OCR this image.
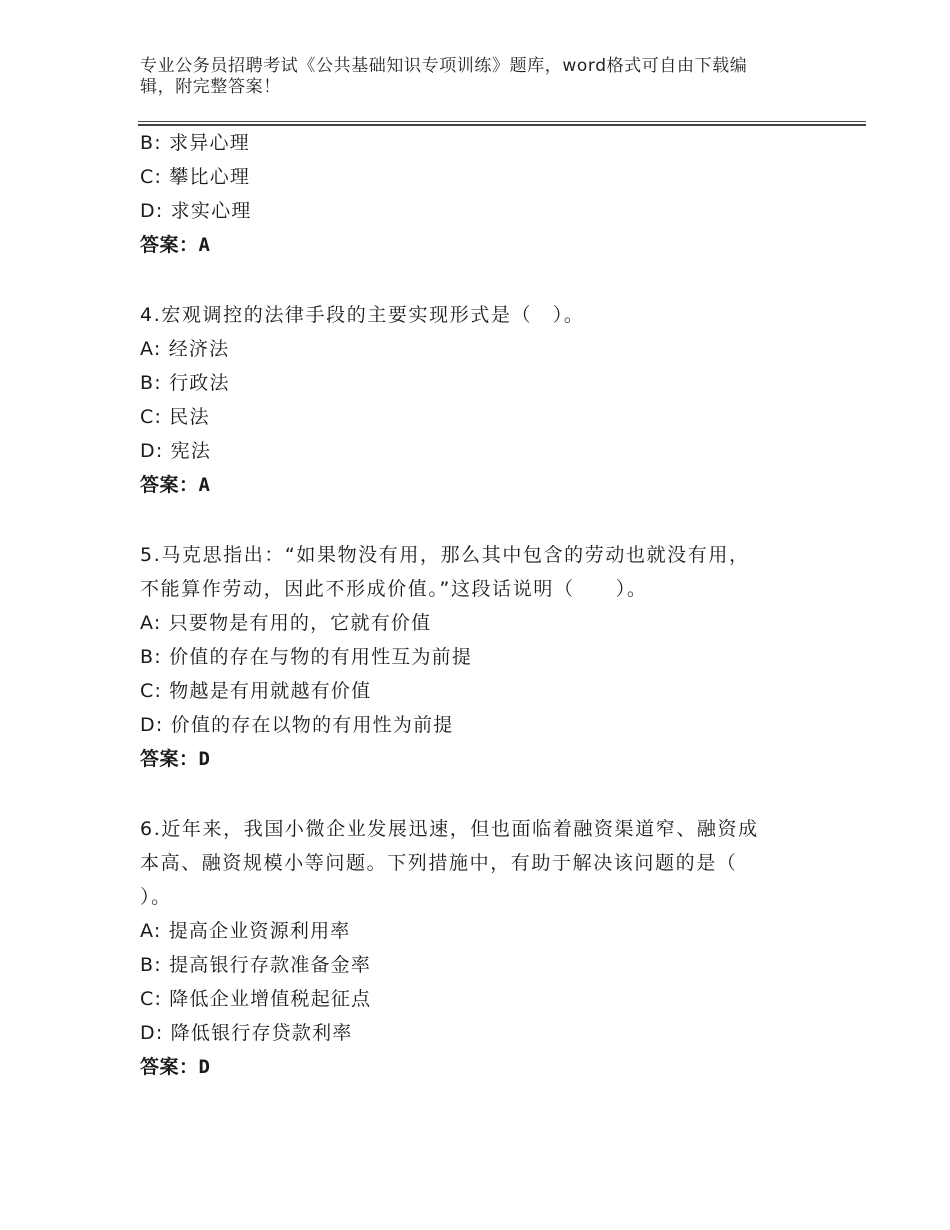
专业公务员招聘考试《公共基础知识专项训练》题库，word格式可自由下载编
辑，附完整答案！
B: 求异心理
C: 攀比心理
D: 求实心理
答案：A
4.宏观调控的法律手段的主要实现形式是（　）。
A: 经济法
B: 行政法
C: 民法
D: 宪法
答案：A
5.马克思指出：“如果物没有用，那么其中包含的劳动也就没有用，
不能算作劳动，因此不形成价值。”这段话说明（　　）。
A: 只要物是有用的，它就有价值
B: 价值的存在与物的有用性互为前提
C: 物越是有用就越有价值
D: 价值的存在以物的有用性为前提
答案：D
6.近年来，我国小微企业发展迅速，但也面临着融资渠道窄、融资成
本高、融资规模小等问题。下列措施中，有助于解决该问题的是（
）。
A: 提高企业资源利用率
B: 提高银行存款准备金率
C: 降低企业增值税起征点
D: 降低银行存贷款利率
答案：D
